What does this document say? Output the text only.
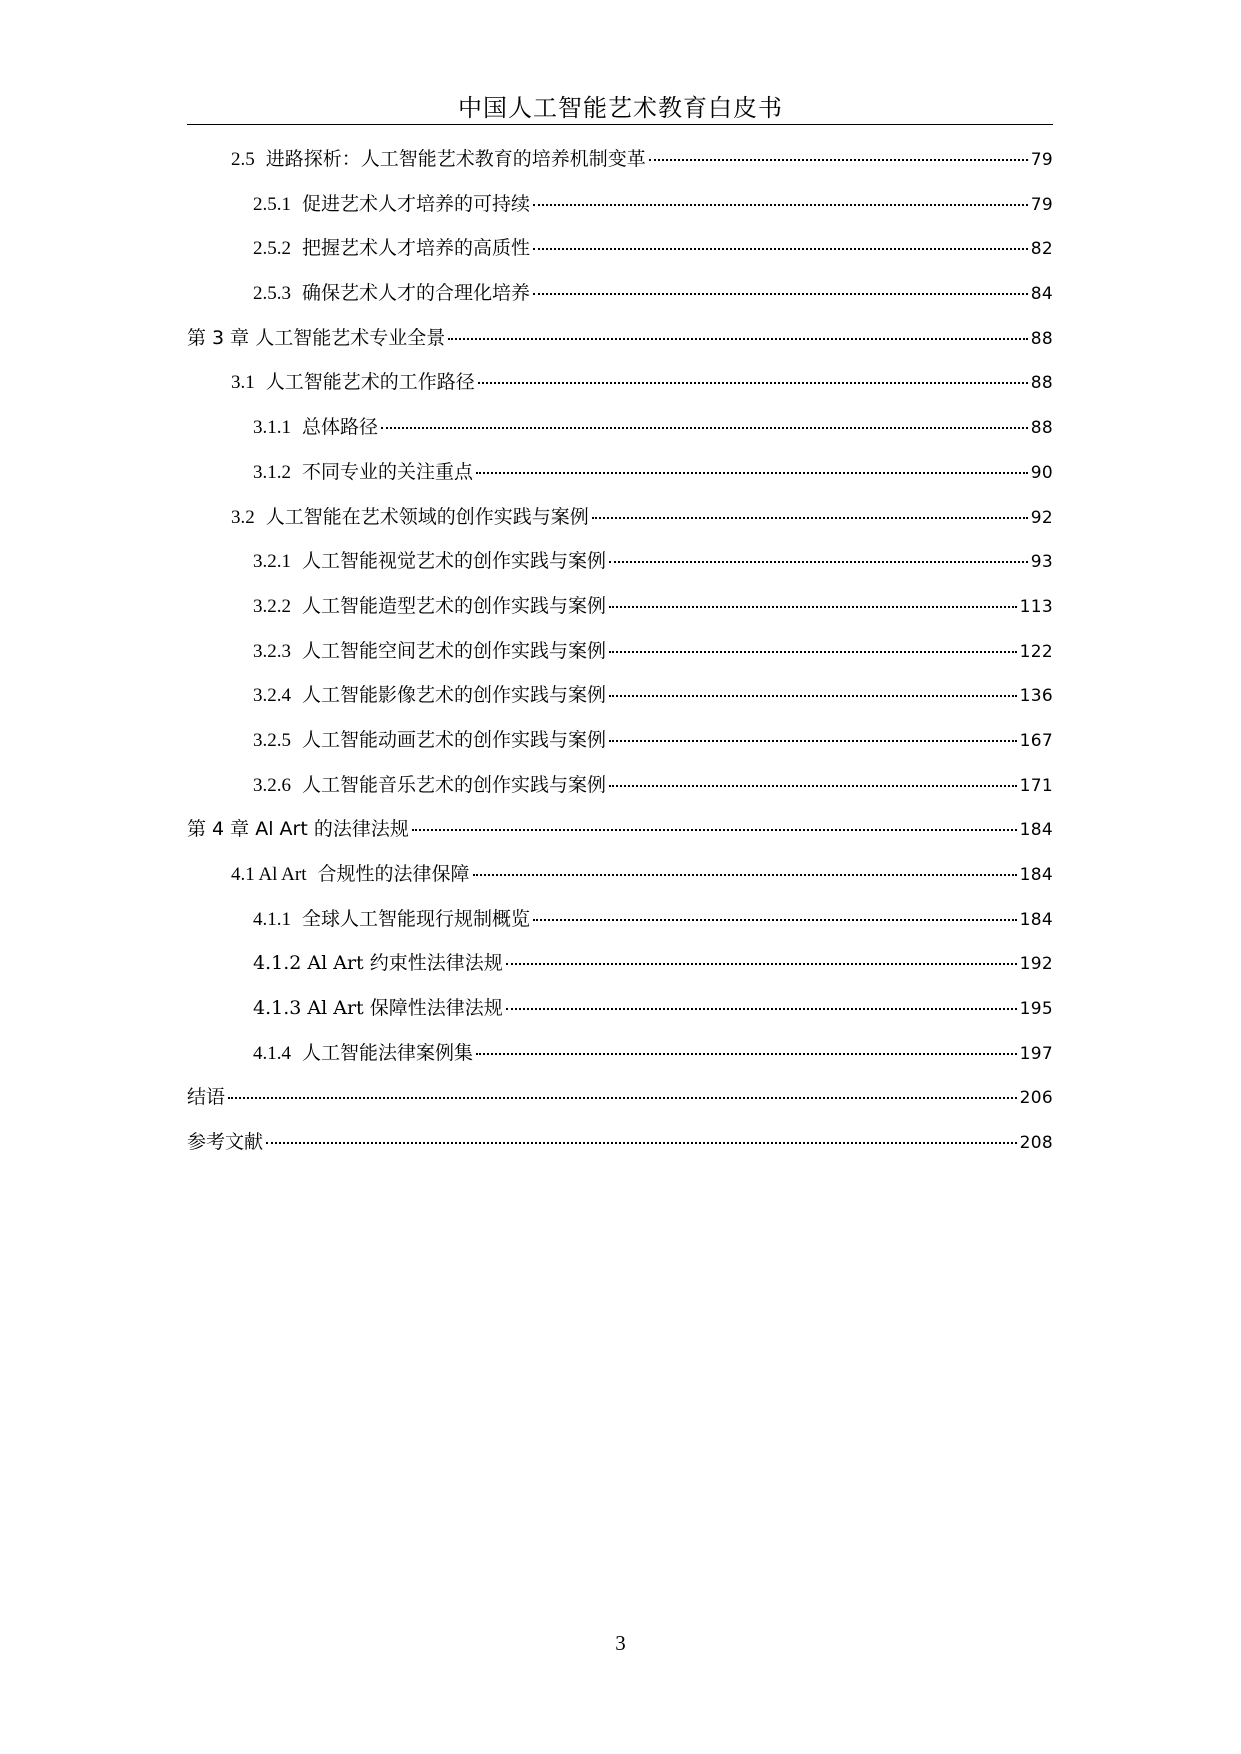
中国人工智能艺术教育白皮书
2.5 进路探析：人工智能艺术教育的培养机制变革	79
2.5.1 促进艺术人才培养的可持续	79
2.5.2 把握艺术人才培养的高质性	82
2.5.3 确保艺术人才的合理化培养	84
第 3 章 人工智能艺术专业全景	88
3.1 人工智能艺术的工作路径	88
3.1.1 总体路径	88
3.1.2 不同专业的关注重点	90
3.2 人工智能在艺术领域的创作实践与案例	92
3.2.1 人工智能视觉艺术的创作实践与案例	93
3.2.2 人工智能造型艺术的创作实践与案例	113
3.2.3 人工智能空间艺术的创作实践与案例	122
3.2.4 人工智能影像艺术的创作实践与案例	136
3.2.5 人工智能动画艺术的创作实践与案例	167
3.2.6 人工智能音乐艺术的创作实践与案例	171
第 4 章 Al Art 的法律法规	184
4.1 Al Art 合规性的法律保障	184
4.1.1 全球人工智能现行规制概览	184
4.1.2 Al Art 约束性法律法规	192
4.1.3 Al Art 保障性法律法规	195
4.1.4 人工智能法律案例集	197
结语	206
参考文献	208
3
